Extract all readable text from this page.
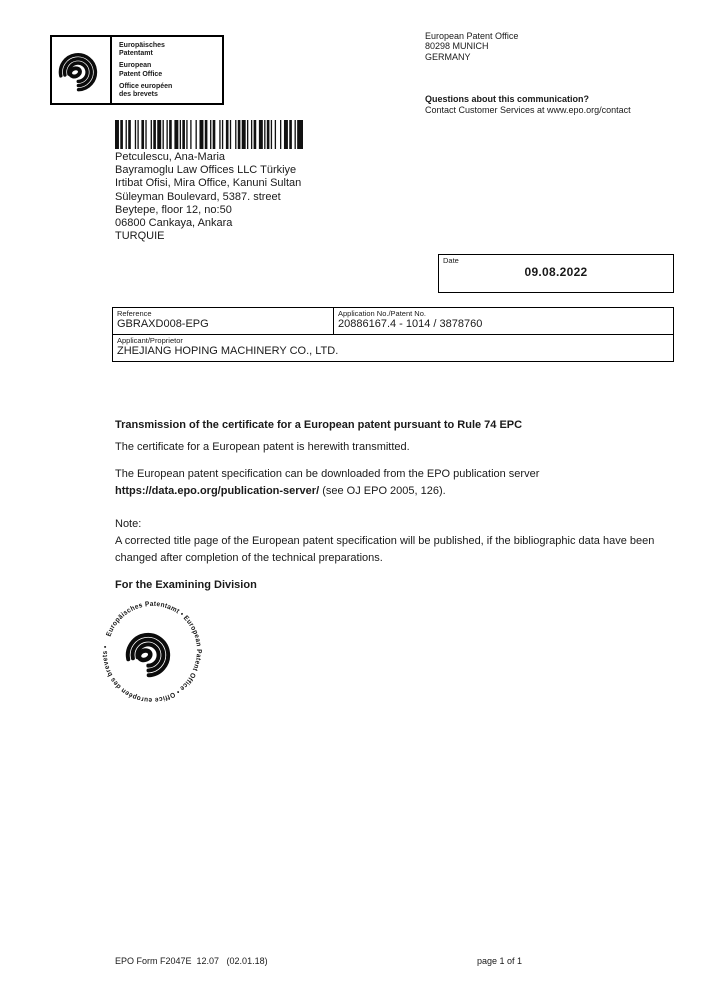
Europäisches
Patentamt
European
Patent Office
Office européen
des brevets
European Patent Office
80298 MUNICH
GERMANY
Questions about this communication?
Contact Customer Services at www.epo.org/contact
Petculescu, Ana-Maria
Bayramoglu Law Offices LLC Türkiye
Irtibat Ofisi, Mira Office, Kanuni Sultan
Süleyman Boulevard, 5387. street
Beytepe, floor 12, no:50
06800 Cankaya, Ankara
TURQUIE
Date
09.08.2022
Reference
GBRAXD008-EPG
Application No./Patent No.
20886167.4 - 1014 / 3878760
Applicant/Proprietor
ZHEJIANG HOPING MACHINERY CO., LTD.
Transmission of the certificate for a European patent pursuant to Rule 74 EPC
The certificate for a European patent is herewith transmitted.
The European patent specification can be downloaded from the EPO publication server
https://data.epo.org/publication-server/ (see OJ EPO 2005, 126).
Note:
A corrected title page of the European patent specification will be published, if the bibliographic data have been changed after completion of the technical preparations.
For the Examining Division
Europäisches Patentamt • European Patent Office • Office européen des brevets •
EPO Form F2047E  12.07   (02.01.18)	page 1 of 1
